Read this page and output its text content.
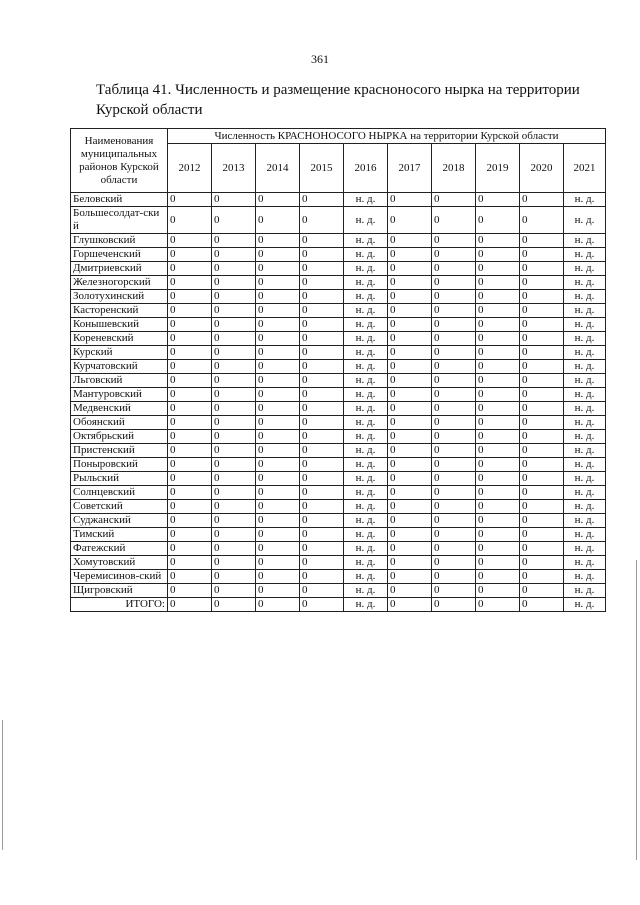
361
Таблица 41. Численность и размещение красноносого нырка на территории Курской области
Наименования муниципальных районов Курской области	Численность КРАСНОНОСОГО НЫРКА на территории Курской области									
	2012	2013	2014	2015	2016	2017	2018	2019	2020	2021
Беловский	0	0	0	0	н. д.	0	0	0	0	н. д.
Большесолдат-ский	0	0	0	0	н. д.	0	0	0	0	н. д.
Глушковский	0	0	0	0	н. д.	0	0	0	0	н. д.
Горшеченский	0	0	0	0	н. д.	0	0	0	0	н. д.
Дмитриевский	0	0	0	0	н. д.	0	0	0	0	н. д.
Железногорский	0	0	0	0	н. д.	0	0	0	0	н. д.
Золотухинский	0	0	0	0	н. д.	0	0	0	0	н. д.
Касторенский	0	0	0	0	н. д.	0	0	0	0	н. д.
Конышевский	0	0	0	0	н. д.	0	0	0	0	н. д.
Кореневский	0	0	0	0	н. д.	0	0	0	0	н. д.
Курский	0	0	0	0	н. д.	0	0	0	0	н. д.
Курчатовский	0	0	0	0	н. д.	0	0	0	0	н. д.
Льговский	0	0	0	0	н. д.	0	0	0	0	н. д.
Мантуровский	0	0	0	0	н. д.	0	0	0	0	н. д.
Медвенский	0	0	0	0	н. д.	0	0	0	0	н. д.
Обоянский	0	0	0	0	н. д.	0	0	0	0	н. д.
Октябрьский	0	0	0	0	н. д.	0	0	0	0	н. д.
Пристенский	0	0	0	0	н. д.	0	0	0	0	н. д.
Поныровский	0	0	0	0	н. д.	0	0	0	0	н. д.
Рыльский	0	0	0	0	н. д.	0	0	0	0	н. д.
Солнцевский	0	0	0	0	н. д.	0	0	0	0	н. д.
Советский	0	0	0	0	н. д.	0	0	0	0	н. д.
Суджанский	0	0	0	0	н. д.	0	0	0	0	н. д.
Тимский	0	0	0	0	н. д.	0	0	0	0	н. д.
Фатежский	0	0	0	0	н. д.	0	0	0	0	н. д.
Хомутовский	0	0	0	0	н. д.	0	0	0	0	н. д.
Черемисинов-ский	0	0	0	0	н. д.	0	0	0	0	н. д.
Щигровский	0	0	0	0	н. д.	0	0	0	0	н. д.
ИТОГО:	0	0	0	0	н. д.	0	0	0	0	н. д.
